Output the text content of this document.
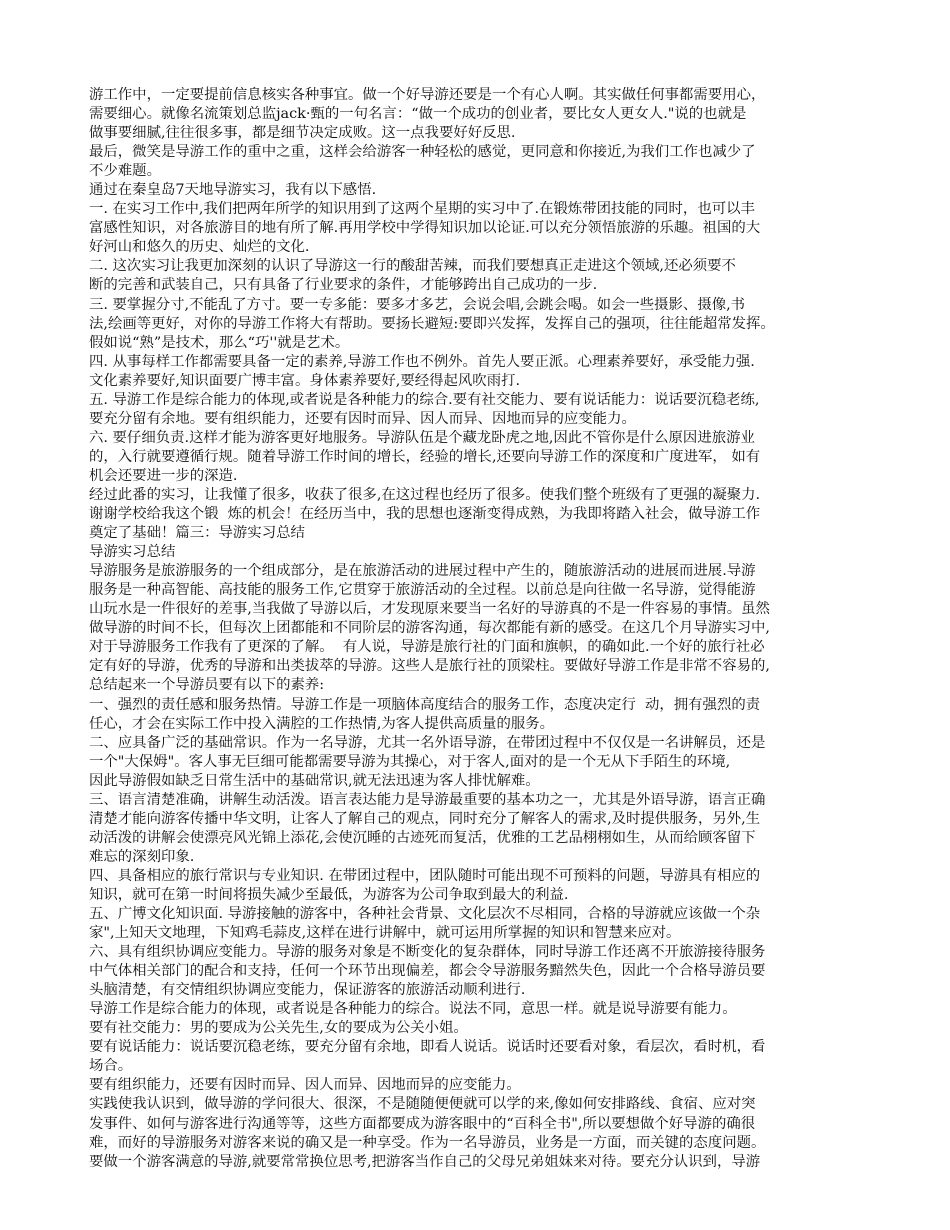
游工作中，一定要提前信息核实各种事宜。做一个好导游还要是一个有心人啊。其实做任何事都需要用心，
需要细心。就像名流策划总监jack·甄的一句名言：“做一个成功的创业者，要比女人更女人."说的也就是
做事要细腻,往往很多事，都是细节决定成败。这一点我要好好反思.
最后，微笑是导游工作的重中之重，这样会给游客一种轻松的感觉，更同意和你接近,为我们工作也减少了
不少难题。
通过在秦皇岛7天地导游实习，我有以下感悟.
一. 在实习工作中,我们把两年所学的知识用到了这两个星期的实习中了.在锻炼带团技能的同时，也可以丰
富感性知识，对各旅游目的地有所了解.再用学校中学得知识加以论证.可以充分领悟旅游的乐趣。祖国的大
好河山和悠久的历史、灿烂的文化.
二. 这次实习让我更加深刻的认识了导游这一行的酸甜苦辣，而我们要想真正走进这个领域,还必须要不
断的完善和武装自己，只有具备了行业要求的条件，才能够跨出自己成功的一步.
三. 要掌握分寸,不能乱了方寸。要一专多能：要多才多艺，会说会唱,会跳会喝。如会一些摄影、摄像,书
法,绘画等更好，对你的导游工作将大有帮助。要扬长避短:要即兴发挥，发挥自己的强项，往往能超常发挥。
假如说“熟”是技术，那么“巧''就是艺术。
四. 从事每样工作都需要具备一定的素养,导游工作也不例外。首先人要正派。心理素养要好，承受能力强.
文化素养要好,知识面要广博丰富。身体素养要好,要经得起风吹雨打.
五. 导游工作是综合能力的体现,或者说是各种能力的综合.要有社交能力、要有说话能力：说话要沉稳老练,
要充分留有余地。要有组织能力，还要有因时而异、因人而异、因地而异的应变能力。
六. 要仔细负责.这样才能为游客更好地服务。导游队伍是个藏龙卧虎之地,因此不管你是什么原因进旅游业
的，入行就要遵循行规。随着导游工作时间的增长，经验的增长,还要向导游工作的深度和广度进军， 如有
机会还要进一步的深造.
经过此番的实习，让我懂了很多，收获了很多,在这过程也经历了很多。使我们整个班级有了更强的凝聚力.
谢谢学校给我这个锻  炼的机会！在经历当中，我的思想也逐渐变得成熟，为我即将踏入社会，做导游工作
奠定了基础！篇三：导游实习总结
导游实习总结
导游服务是旅游服务的一个组成部分，是在旅游活动的进展过程中产生的，随旅游活动的进展而进展.导游
服务是一种高智能、高技能的服务工作,它贯穿于旅游活动的全过程。以前总是向往做一名导游，觉得能游
山玩水是一件很好的差事,当我做了导游以后，才发现原来要当一名好的导游真的不是一件容易的事情。虽然
做导游的时间不长，但每次上团都能和不同阶层的游客沟通，每次都能有新的感受。在这几个月导游实习中,
对于导游服务工作我有了更深的了解。  有人说，导游是旅行社的门面和旗帜，的确如此.一个好的旅行社必
定有好的导游，优秀的导游和出类拔萃的导游。这些人是旅行社的顶梁柱。要做好导游工作是非常不容易的,
总结起来一个导游员要有以下的素养:
一、强烈的责任感和服务热情。导游工作是一项脑体高度结合的服务工作，态度决定行  动，拥有强烈的责
任心，才会在实际工作中投入满腔的工作热情,为客人提供高质量的服务。
二、应具备广泛的基础常识。作为一名导游，尤其一名外语导游，在带团过程中不仅仅是一名讲解员，还是
一个"大保姆"。客人事无巨细可能都需要导游为其操心，对于客人,面对的是一个无从下手陌生的环境,
因此导游假如缺乏日常生活中的基础常识,就无法迅速为客人排忧解难。
三、语言清楚准确，讲解生动活泼。语言表达能力是导游最重要的基本功之一，尤其是外语导游，语言正确
清楚才能向游客传播中华文明，让客人了解自己的观点，同时充分了解客人的需求,及时提供服务，另外,生
动活泼的讲解会使漂亮风光锦上添花,会使沉睡的古迹死而复活，优雅的工艺品栩栩如生，从而给顾客留下
难忘的深刻印象.
四、具备相应的旅行常识与专业知识. 在带团过程中，团队随时可能出现不可预料的问题，导游具有相应的
知识，就可在第一时间将损失减少至最低，为游客为公司争取到最大的利益.
五、广博文化知识面. 导游接触的游客中，各种社会背景、文化层次不尽相同，合格的导游就应该做一个杂
家",上知天文地理，下知鸡毛蒜皮,这样在进行讲解中，就可运用所掌握的知识和智慧来应对。
六、具有组织协调应变能力。导游的服务对象是不断变化的复杂群体，同时导游工作还离不开旅游接待服务
中气体相关部门的配合和支持，任何一个环节出现偏差，都会令导游服务黯然失色，因此一个合格导游员要
头脑清楚，有交情组织协调应变能力，保证游客的旅游活动顺利进行.
导游工作是综合能力的体现，或者说是各种能力的综合。说法不同，意思一样。就是说导游要有能力。
要有社交能力：男的要成为公关先生,女的要成为公关小姐。
要有说话能力：说话要沉稳老练，要充分留有余地，即看人说话。说话时还要看对象，看层次，看时机，看
场合。
要有组织能力，还要有因时而异、因人而异、因地而异的应变能力。
实践使我认识到，做导游的学问很大、很深，不是随随便便就可以学的来,像如何安排路线、食宿、应对突
发事件、如何与游客进行沟通等等，这些方面都要成为游客眼中的“百科全书",所以要想做个好导游的确很
难，而好的导游服务对游客来说的确又是一种享受。作为一名导游员，业务是一方面，而关键的态度问题。
要做一个游客满意的导游,就要常常换位思考,把游客当作自己的父母兄弟姐妹来对待。要充分认识到，导游
